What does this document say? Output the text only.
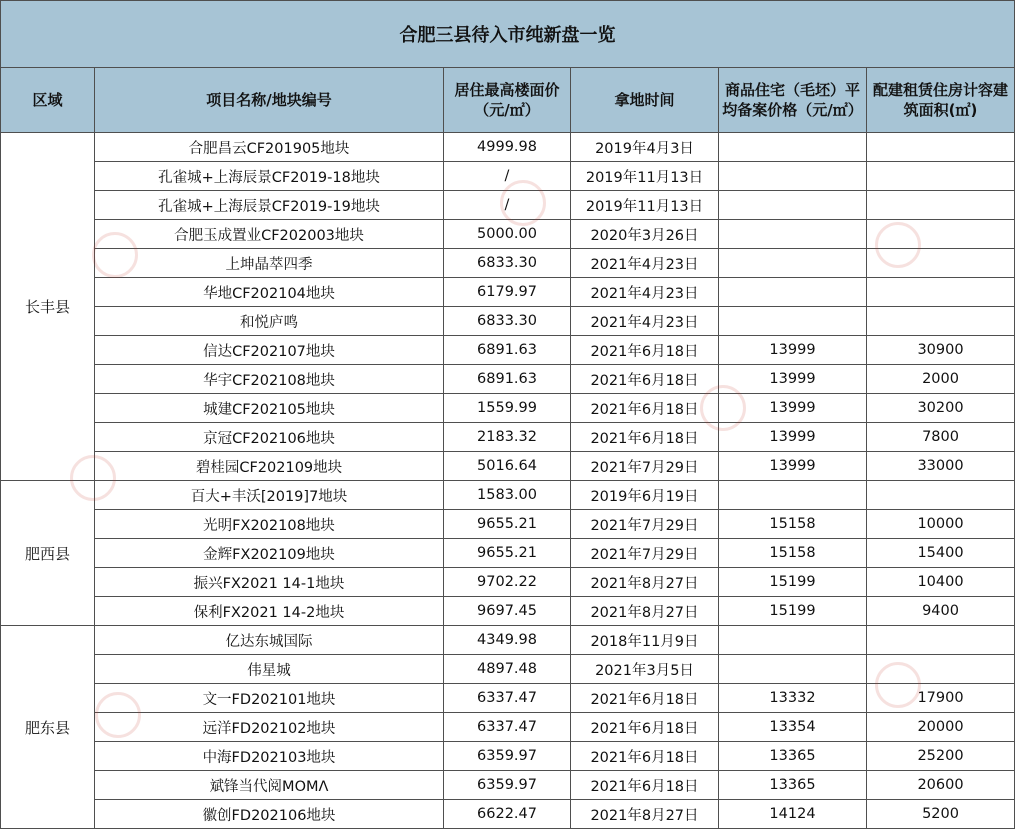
合肥三县待入市纯新盘一览					
区域	项目名称/地块编号	居住最高楼面价（元/㎡）	拿地时间	商品住宅（毛坯）平均备案价格（元/㎡）	配建租赁住房计容建筑面积(㎡)
长丰县	合肥昌云CF201905地块	4999.98	2019年4月3日		
	孔雀城+上海辰景CF2019-18地块	/	2019年11月13日		
	孔雀城+上海辰景CF2019-19地块	/	2019年11月13日		
	合肥玉成置业CF202003地块	5000.00	2020年3月26日		
	上坤晶萃四季	6833.30	2021年4月23日		
	华地CF202104地块	6179.97	2021年4月23日		
	和悦庐鸣	6833.30	2021年4月23日		
	信达CF202107地块	6891.63	2021年6月18日	13999	30900
	华宇CF202108地块	6891.63	2021年6月18日	13999	2000
	城建CF202105地块	1559.99	2021年6月18日	13999	30200
	京冠CF202106地块	2183.32	2021年6月18日	13999	7800
	碧桂园CF202109地块	5016.64	2021年7月29日	13999	33000
肥西县	百大+丰沃[2019]7地块	1583.00	2019年6月19日		
	光明FX202108地块	9655.21	2021年7月29日	15158	10000
	金辉FX202109地块	9655.21	2021年7月29日	15158	15400
	振兴FX2021 14-1地块	9702.22	2021年8月27日	15199	10400
	保利FX2021 14-2地块	9697.45	2021年8月27日	15199	9400
肥东县	亿达东城国际	4349.98	2018年11月9日		
	伟星城	4897.48	2021年3月5日		
	文一FD202101地块	6337.47	2021年6月18日	13332	17900
	远洋FD202102地块	6337.47	2021年6月18日	13354	20000
	中海FD202103地块	6359.97	2021年6月18日	13365	25200
	斌锋当代阅MOMΛ	6359.97	2021年6月18日	13365	20600
	徽创FD202106地块	6622.47	2021年8月27日	14124	5200
